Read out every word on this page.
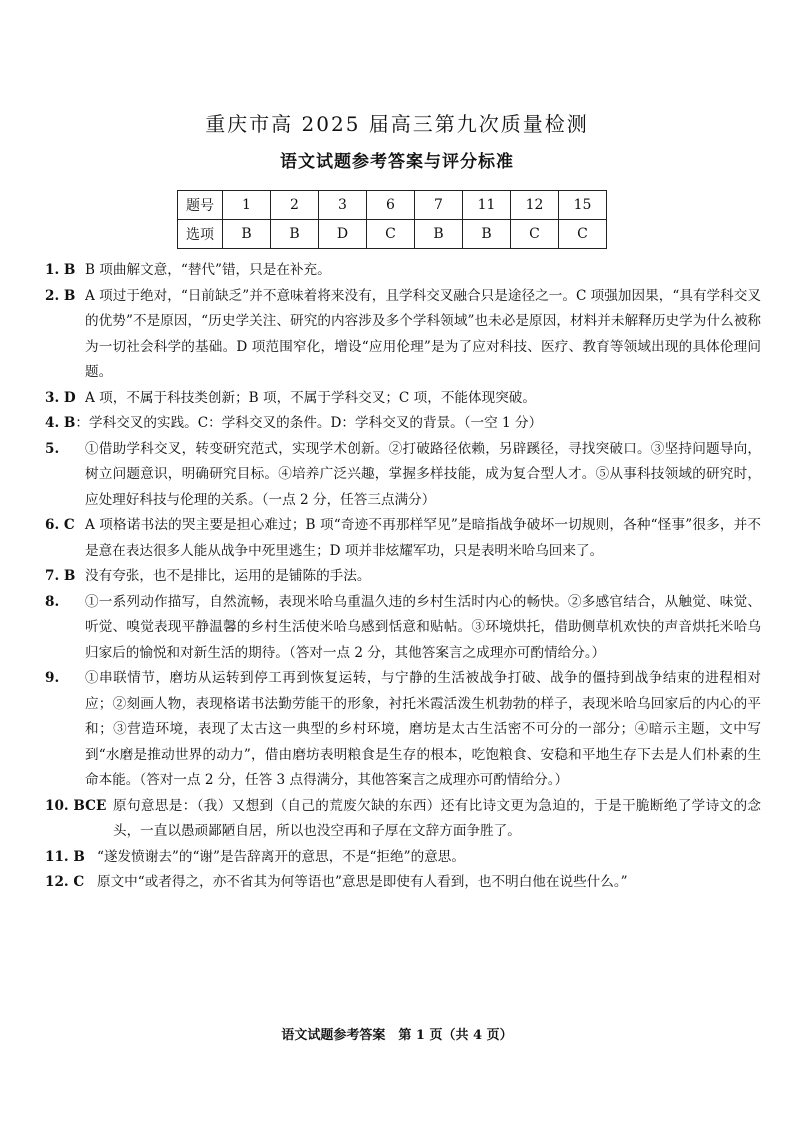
重庆市高 2025 届高三第九次质量检测
语文试题参考答案与评分标准
题号	1	2	3	6	7	11	12	15
选项	B	B	D	C	B	B	C	C
1. B B 项曲解文意，“替代”错，只是在补充。
2. B A 项过于绝对，“日前缺乏”并不意味着将来没有，且学科交叉融合只是途径之一。C 项强加因果，“具有学科交叉的优势”不是原因，“历史学关注、研究的内容涉及多个学科领域”也未必是原因，材料并未解释历史学为什么被称为一切社会科学的基础。D 项范围窄化，增设“应用伦理”是为了应对科技、医疗、教育等领域出现的具体伦理问题。
3. D A 项，不属于科技类创新；B 项，不属于学科交叉；C 项，不能体现突破。
4. B：学科交叉的实践。C：学科交叉的条件。D：学科交叉的背景。（一空 1 分）
5. ①借助学科交叉，转变研究范式，实现学术创新。②打破路径依赖，另辟蹊径，寻找突破口。③坚持问题导向，树立问题意识，明确研究目标。④培养广泛兴趣，掌握多样技能，成为复合型人才。⑤从事科技领域的研究时，应处理好科技与伦理的关系。（一点 2 分，任答三点满分）
6. C A 项格诺书法的哭主要是担心难过；B 项“奇迹不再那样罕见”是暗指战争破坏一切规则，各种“怪事”很多，并不是意在表达很多人能从战争中死里逃生；D 项并非炫耀军功，只是表明米哈乌回来了。
7. B 没有夸张，也不是排比，运用的是铺陈的手法。
8. ①一系列动作描写，自然流畅，表现米哈乌重温久违的乡村生活时内心的畅快。②多感官结合，从触觉、味觉、听觉、嗅觉表现平静温馨的乡村生活使米哈乌感到恬意和贴帖。③环境烘托，借助侧草机欢快的声音烘托米哈乌归家后的愉悦和对新生活的期待。（答对一点 2 分，其他答案言之成理亦可酌情给分。）
9. ①串联情节，磨坊从运转到停工再到恢复运转，与宁静的生活被战争打破、战争的僵持到战争结束的进程相对应；②刻画人物，表现格诺书法勤劳能干的形象，衬托米霞活泼生机勃勃的样子，表现米哈乌回家后的内心的平和；③营造环境，表现了太古这一典型的乡村环境，磨坊是太古生活密不可分的一部分；④暗示主题，文中写到“水磨是推动世界的动力”，借由磨坊表明粮食是生存的根本，吃饱粮食、安稳和平地生存下去是人们朴素的生命本能。（答对一点 2 分，任答 3 点得满分，其他答案言之成理亦可酌情给分。）
10. BCE 原句意思是：（我）又想到（自己的荒废欠缺的东西）还有比诗文更为急迫的，于是干脆断绝了学诗文的念头，一直以愚顽鄙陋自居，所以也没空再和子厚在文辞方面争胜了。
11. B “遂发愤谢去”的“谢”是告辞离开的意思，不是“拒绝”的意思。
12. C 原文中“或者得之，亦不省其为何等语也”意思是即使有人看到，也不明白他在说些什么。”
语文试题参考答案　第 1 页（共 4 页）
